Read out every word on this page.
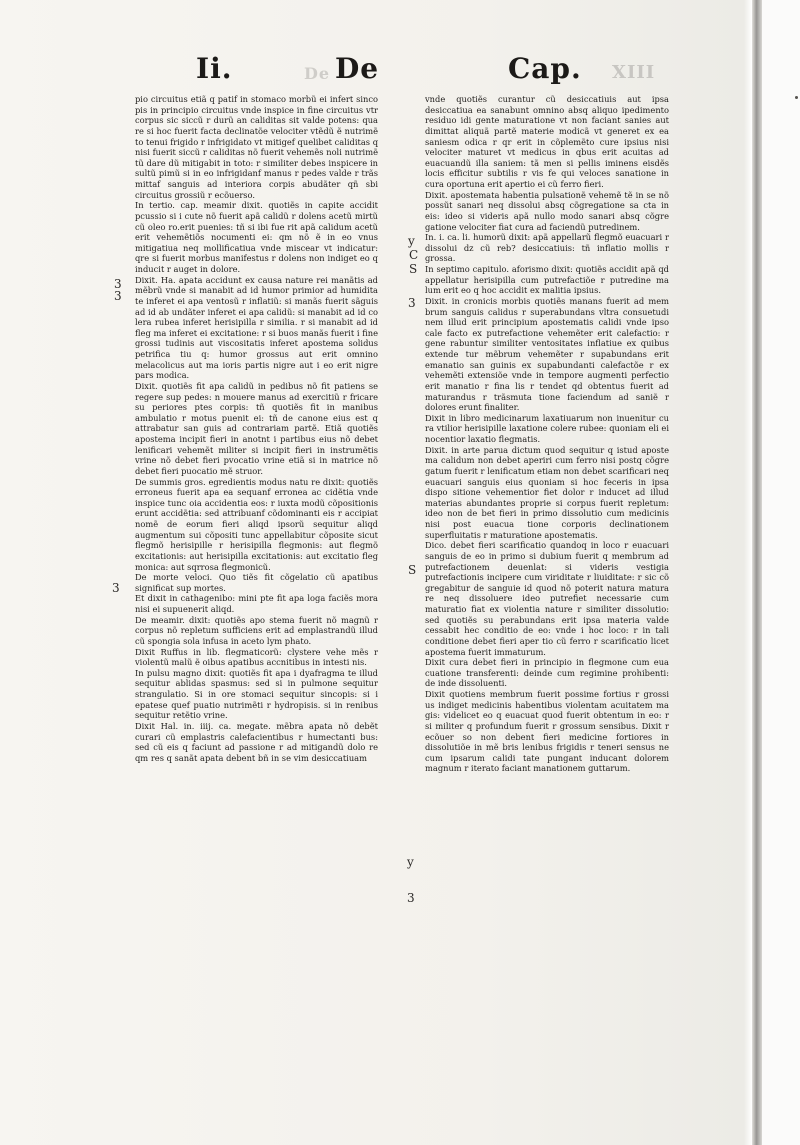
Ii.	De De	Cap. XIII

pio circuitus etiã q patif in stomaco morbũ ei infert sinco pis in principio circuitus vnde inspice in fine circuitus vtr corpus sic siccũ r durũ an caliditas sit valde potens: qua re si hoc fuerit facta declinatõe velociter vtẽdũ ẽ nutrimẽ to tenui frigido r infrigidato vt mitigef quelibet caliditas q nisi fuerit siccũ r caliditas nõ fuerit vehemẽs noli nutrimẽ tũ dare dũ mitigabit in toto: r similiter debes inspicere in sultũ pimũ si in eo infrigidanf manus r pedes valde r trãs mittaf sanguis ad interiora corpis abudãter qñ sbi circuitus grossiũ r ecõuerso.

In tertio. cap. meamir dixit. quotiẽs in capite accidit pcussio si i cute nõ fuerit apã calidũ r dolens acetũ mirtũ cũ oleo ro.erit puenies: tñ si ibi fue rit apã calidum acetũ erit vehemẽtiõs nocumenti ei: qm nõ ẽ in eo vnus mitigatiua neq mollificatiua vnde miscear vt indicatur: qre si fuerit morbus manifestus r dolens non indiget eo q inducit r auget in dolore.

Dixit. Ha. apata accidunt ex causa nature rei manãtis ad mẽbrũ vnde si manabit ad id humor primior ad humidita te inferet ei apa ventosũ r inflatiũ: si manãs fuerit sãguis ad id ab undãter inferet ei apa calidũ: si manabit ad id co lera rubea inferet herisipilla r similia. r si manabit ad id fleg ma inferet ei excitatione: r si buos manãs fuerit i fine grossi tudinis aut viscositatis inferet apostema solidus petrifica tiu q: humor grossus aut erit omnino melacolicus aut ma ioris partis nigre aut i eo erit nigre pars modica.

Dixit. quotiẽs fit apa calidũ in pedibus nõ fit patiens se regere sup pedes: n mouere manus ad exercitiũ r fricare su periores ptes corpis: tñ quotiẽs fit in manibus ambulatio r motus puenit ei: tñ de canone eius est q attrabatur san guis ad contrariam partẽ. Etiã quotiẽs apostema incipit fieri in anotnt i partibus eius nõ debet lenificari vehemẽt militer si incipit fieri in instrumẽtis vrine nõ debet fieri pvocatio vrine etiã si in matrice nõ debet fieri puocatio mẽ struor.

De summis gros. egredientis modus natu re dixit: quotiẽs erroneus fuerit apa ea sequanf erronea ac cidẽtia vnde inspice tunc oia accidentia eos: r iuxta modũ cõpositionis erunt accidẽtia: sed attribuanf cõdominanti eis r accipiat nomẽ de eorum fieri aliqd ipsorũ sequitur aliqd augmentum sui cõpositi tunc appellabitur cõposite sicut flegmõ herisipille r herisipilla flegmonis: aut flegmõ excitationis: aut herisipilla excitationis: aut excitatio fleg monica: aut sqrrosa flegmonicũ.

De morte veloci. Quo tiẽs fit cõgelatio cũ apatibus significat sup mortes.

Et dixit in cathagenibo: mini pte fit apa loga faciẽs mora nisi ei supuenerit aliqd.

De meamir. dixit: quotiẽs apo stema fuerit nõ magnũ r corpus nõ repletum sufficiens erit ad emplastrandũ illud cũ spongia sola infusa in aceto lym phato.

Dixit Ruffus in lib. flegmaticorũ: clystere vehe mẽs r violentũ malũ ẽ oibus apatibus accnitibus in intesti nis.

In pulsu magno dixit: quotiẽs fit apa i dyafragma te illud sequitur ablidas spasmus: sed si in pulmone sequitur strangulatio. Si in ore stomaci sequitur sincopis: si i epatese quef puatio nutrimẽti r hydropisis. si in renibus sequitur retẽtio vrine.

Dixit Hal. in. iiij. ca. megate. mẽbra apata nõ debẽt curari cũ emplastris calefacientibus r humectanti bus: sed cũ eis q faciunt ad passione r ad mitigandũ dolo re qm res q sanãt apata debent bñ in se vim desiccatiuam

vnde quotiẽs curantur cũ desiccatiuis aut ipsa desiccatiua ea sanabunt omnino absq aliquo ipedimento residuo idi gente maturatione vt non faciant sanies aut dimittat aliquã partẽ materie modicã vt generet ex ea saniesm odica r qr erit in cõplemẽto cure ipsius nisi velociter maturet vt medicus in qbus erit acuitas ad euacuandũ illa saniem: tã men si pellis iminens eisdẽs locis efficitur subtilis r vis fe qui veloces sanatione in cura oportuna erit apertio ei cũ ferro fieri.

Dixit. apostemata habentia pulsationẽ vehemẽ tẽ in se nõ possũt sanari neq dissolui absq cõgregatione sa cta in eis: ideo si videris apã nullo modo sanari absq cõgre gatione velociter fiat cura ad faciendũ putredinem.

In. i. ca. li. humorũ dixit: apã appellarũ flegmõ euacuari r dissolui dz cũ reb? desiccatiuis: tñ inflatio mollis r grossa.

In septimo capitulo. aforismo dixit: quotiẽs accidit apã qd appellatur herisipilla cum putrefactiõe r putredine ma lum erit eo q hoc accidit ex malitia ipsius.

Dixit. in cronicis morbis quotiẽs manans fuerit ad mem brum sanguis calidus r superabundans vltra consuetudi nem illud erit principium apostematis calidi vnde ipso cale facto ex putrefactione vehemẽter erit calefactio: r gene rabuntur similiter ventositates inflatiue ex quibus extende tur mẽbrum vehemẽter r supabundans erit emanatio san guinis ex supabundanti calefactõe r ex vehemẽti extensiõe vnde in tempore augmenti perfectio erit manatio r fina lis r tendet qd obtentus fuerit ad maturandus r trãsmuta tione faciendum ad saniẽ r dolores erunt finaliter.

Dixit in libro medicinarum laxatiuarum non inuenitur cu ra vtilior herisipille laxatione colere rubee: quoniam eli ei nocentior laxatio flegmatis.

Dixit. in arte parua dictum quod sequitur q istud aposte ma calidum non debet aperiri cum ferro nisi postq cõgre gatum fuerit r lenificatum etiam non debet scarificari neq euacuari sanguis eius quoniam si hoc feceris in ipsa dispo sitione vehementior fiet dolor r inducet ad illud materias abundantes proprie si corpus fuerit repletum: ideo non de bet fieri in primo dissolutio cum medicinis nisi post euacua tione corporis declinationem superfluitatis r maturatione apostematis.

Dico. debet fieri scarificatio quandoq in loco r euacuari sanguis de eo in primo si dubium fuerit q membrum ad putrefactionem deuenlat: si videris vestigia putrefactionis incipere cum viriditate r liuiditate: r sic cõ gregabitur de sanguie id quod nõ poterit natura matura re neq dissoluere ideo putrefiet necessarie cum maturatio fiat ex violentia nature r similiter dissolutio: sed quotiẽs su perabundans erit ipsa materia valde cessabit hec conditio de eo: vnde i hoc loco: r in tali conditione debet fieri aper tio cũ ferro r scarificatio licet apostema fuerit immaturum.

Dixit cura debet fieri in principio in flegmone cum eua cuatione transferenti: deinde cum regimine prohibenti: de inde dissoluenti.

Dixit quotiens membrum fuerit possime fortius r grossi us indiget medicinis habentibus violentam acuitatem ma gis: videlicet eo q euacuat quod fuerit obtentum in eo: r si militer q profundum fuerit r grossum sensibus. Dixit r ecõuer so non debent fieri medicine fortiores in dissolutiõe in mẽ bris lenibus frigidis r teneri sensus ne cum ipsarum calidi tate pungant inducant dolorem magnum r iterato faciant manationem guttarum.

3
3
3
y
C
S
3
S
y
3
